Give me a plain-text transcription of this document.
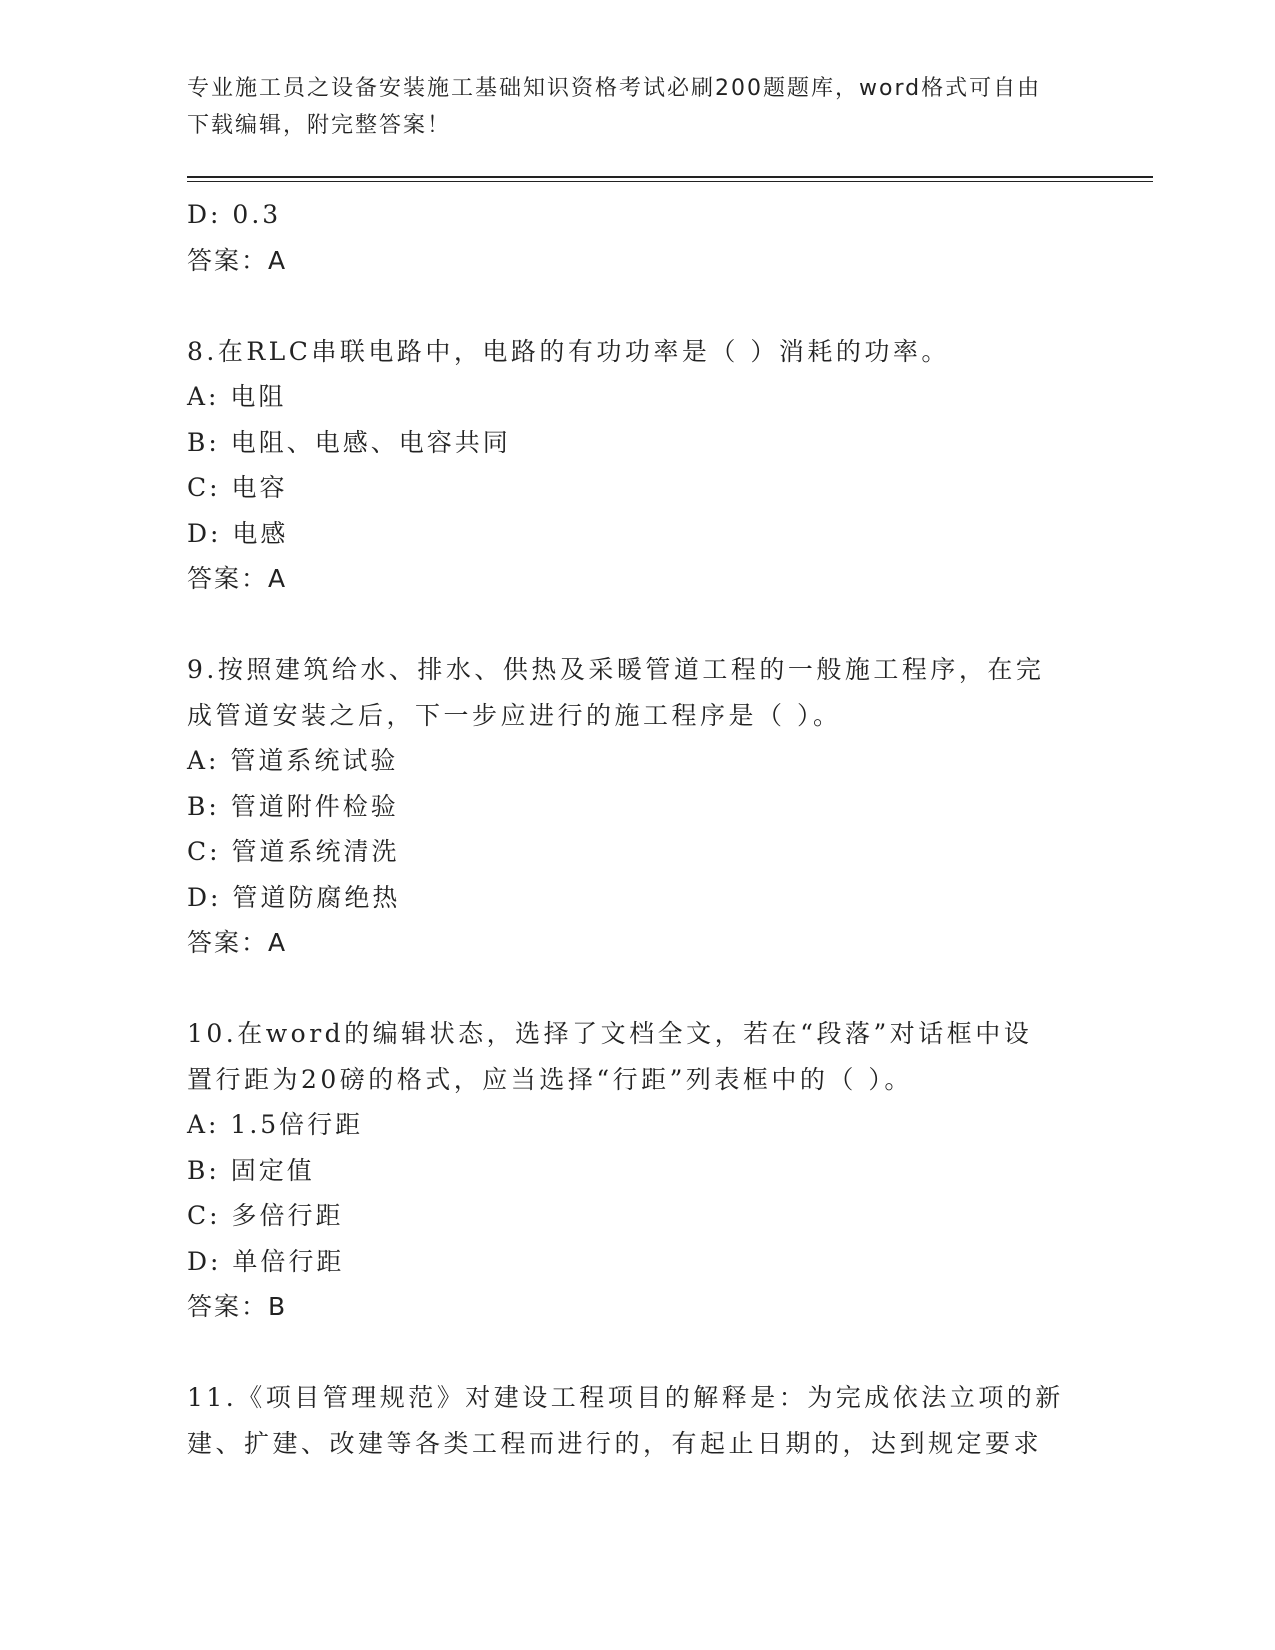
专业施工员之设备安装施工基础知识资格考试必刷200题题库，word格式可自由
下载编辑，附完整答案！
D: 0.3
答案：A
8.在RLC串联电路中，电路的有功功率是（ ）消耗的功率。
A: 电阻
B: 电阻、电感、电容共同
C: 电容
D: 电感
答案：A
9.按照建筑给水、排水、供热及采暖管道工程的一般施工程序，在完
成管道安装之后，下一步应进行的施工程序是（ ）。
A: 管道系统试验
B: 管道附件检验
C: 管道系统清洗
D: 管道防腐绝热
答案：A
10.在word的编辑状态，选择了文档全文，若在“段落”对话框中设
置行距为20磅的格式，应当选择“行距”列表框中的（ ）。
A: 1.5倍行距
B: 固定值
C: 多倍行距
D: 单倍行距
答案：B
11.《项目管理规范》对建设工程项目的解释是：为完成依法立项的新
建、扩建、改建等各类工程而进行的，有起止日期的，达到规定要求
